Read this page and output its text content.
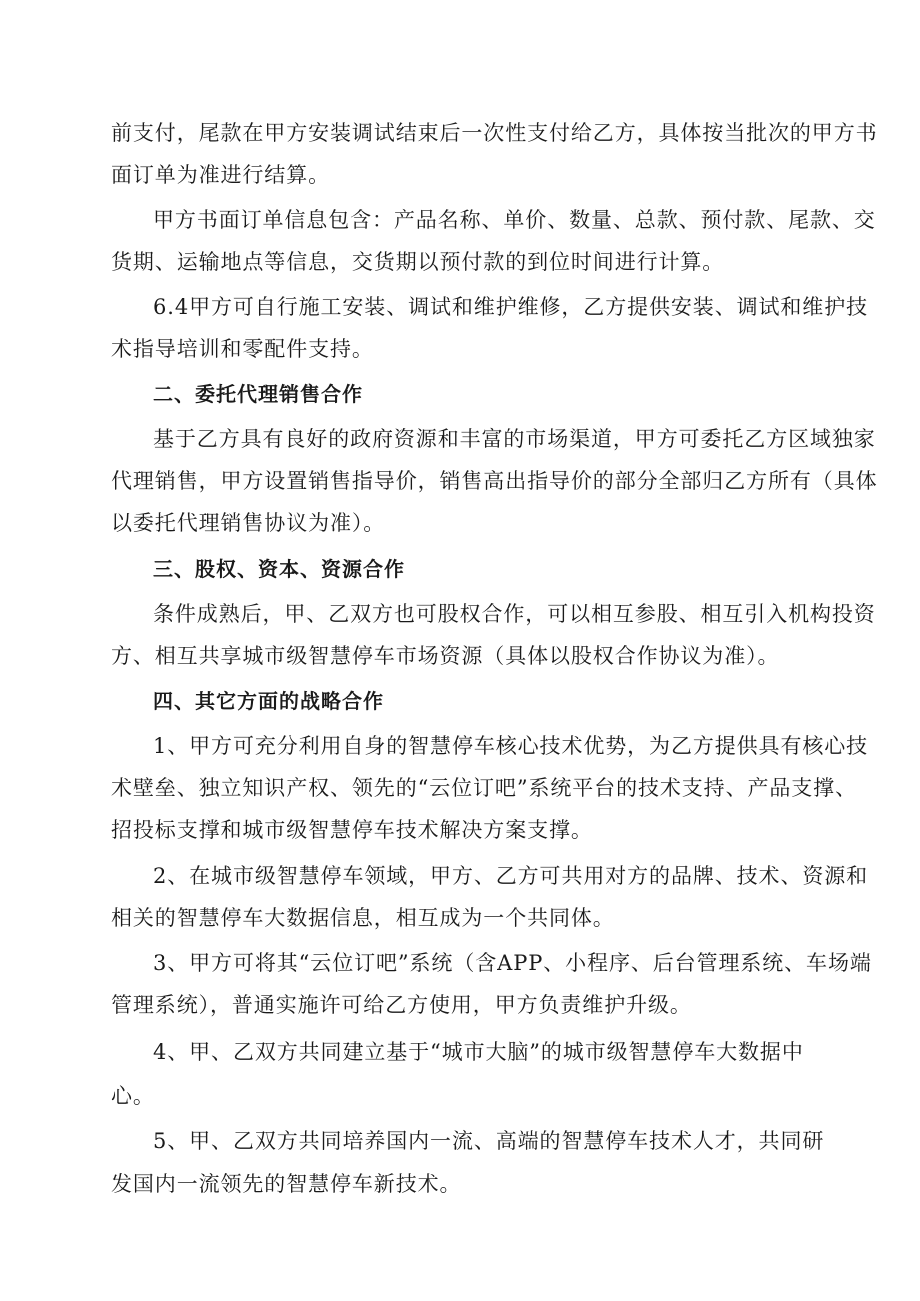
前支付，尾款在甲方安装调试结束后一次性支付给乙方，具体按当批次的甲方书
面订单为准进行结算。
甲方书面订单信息包含：产品名称、单价、数量、总款、预付款、尾款、交
货期、运输地点等信息，交货期以预付款的到位时间进行计算。
6.4甲方可自行施工安装、调试和维护维修，乙方提供安装、调试和维护技
术指导培训和零配件支持。
二、委托代理销售合作
基于乙方具有良好的政府资源和丰富的市场渠道，甲方可委托乙方区域独家
代理销售，甲方设置销售指导价，销售高出指导价的部分全部归乙方所有（具体
以委托代理销售协议为准）。
三、股权、资本、资源合作
条件成熟后，甲、乙双方也可股权合作，可以相互参股、相互引入机构投资
方、相互共享城市级智慧停车市场资源（具体以股权合作协议为准）。
四、其它方面的战略合作
1、甲方可充分利用自身的智慧停车核心技术优势，为乙方提供具有核心技
术壁垒、独立知识产权、领先的“云位订吧”系统平台的技术支持、产品支撑、
招投标支撑和城市级智慧停车技术解决方案支撑。
2、在城市级智慧停车领域，甲方、乙方可共用对方的品牌、技术、资源和
相关的智慧停车大数据信息，相互成为一个共同体。
3、甲方可将其“云位订吧”系统（含APP、小程序、后台管理系统、车场端
管理系统），普通实施许可给乙方使用，甲方负责维护升级。
4、甲、乙双方共同建立基于“城市大脑”的城市级智慧停车大数据中
心。
5、甲、乙双方共同培养国内一流、高端的智慧停车技术人才，共同研
发国内一流领先的智慧停车新技术。
